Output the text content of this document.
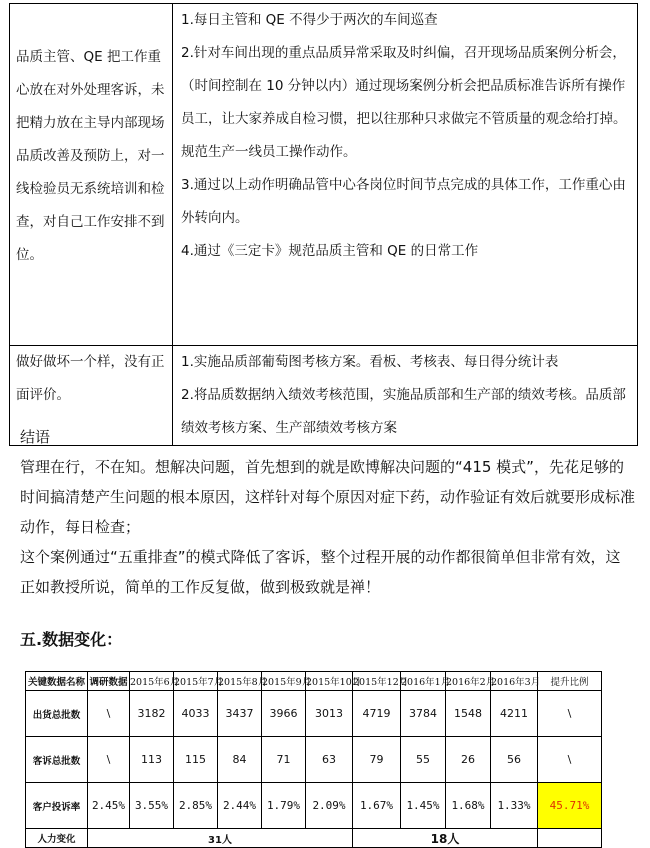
品质主管、QE 把工作重心放在对外处理客诉，未把精力放在主导内部现场品质改善及预防上，对一线检验员无系统培训和检查，对自己工作安排不到位。	1.每日主管和 QE 不得少于两次的车间巡查
2.针对车间出现的重点品质异常采取及时纠偏，召开现场品质案例分析会，（时间控制在 10 分钟以内）通过现场案例分析会把品质标准告诉所有操作员工，让大家养成自检习惯，把以往那种只求做完不管质量的观念给打掉。规范生产一线员工操作动作。
3.通过以上动作明确品管中心各岗位时间节点完成的具体工作，工作重心由外转向内。
4.通过《三定卡》规范品质主管和 QE 的日常工作

做好做坏一个样，没有正面评价。	1.实施品质部葡萄图考核方案。看板、考核表、每日得分统计表
2.将品质数据纳入绩效考核范围，实施品质部和生产部的绩效考核。品质部绩效考核方案、生产部绩效考核方案
结语
管理在行，不在知。想解决问题，首先想到的就是欧博解决问题的“415 模式”，先花足够的时间搞清楚产生问题的根本原因，这样针对每个原因对症下药，动作验证有效后就要形成标准动作，每日检查；
这个案例通过“五重排查”的模式降低了客诉，整个过程开展的动作都很简单但非常有效，这正如教授所说，简单的工作反复做，做到极致就是禅！
五.数据变化：
关键数据名称	调研数据	2015年6月	2015年7月	2015年8月	2015年9月	2015年10月	2015年12月	2016年1月	2016年2月	2016年3月	提升比例
出货总批数	\	3182	4033	3437	3966	3013	4719	3784	1548	4211	\
客诉总批数	\	113	115	84	71	63	79	55	26	56	\
客户投诉率	2.45%	3.55%	2.85%	2.44%	1.79%	2.09%	1.67%	1.45%	1.68%	1.33%	45.71%
人力变化	31人						18人				
